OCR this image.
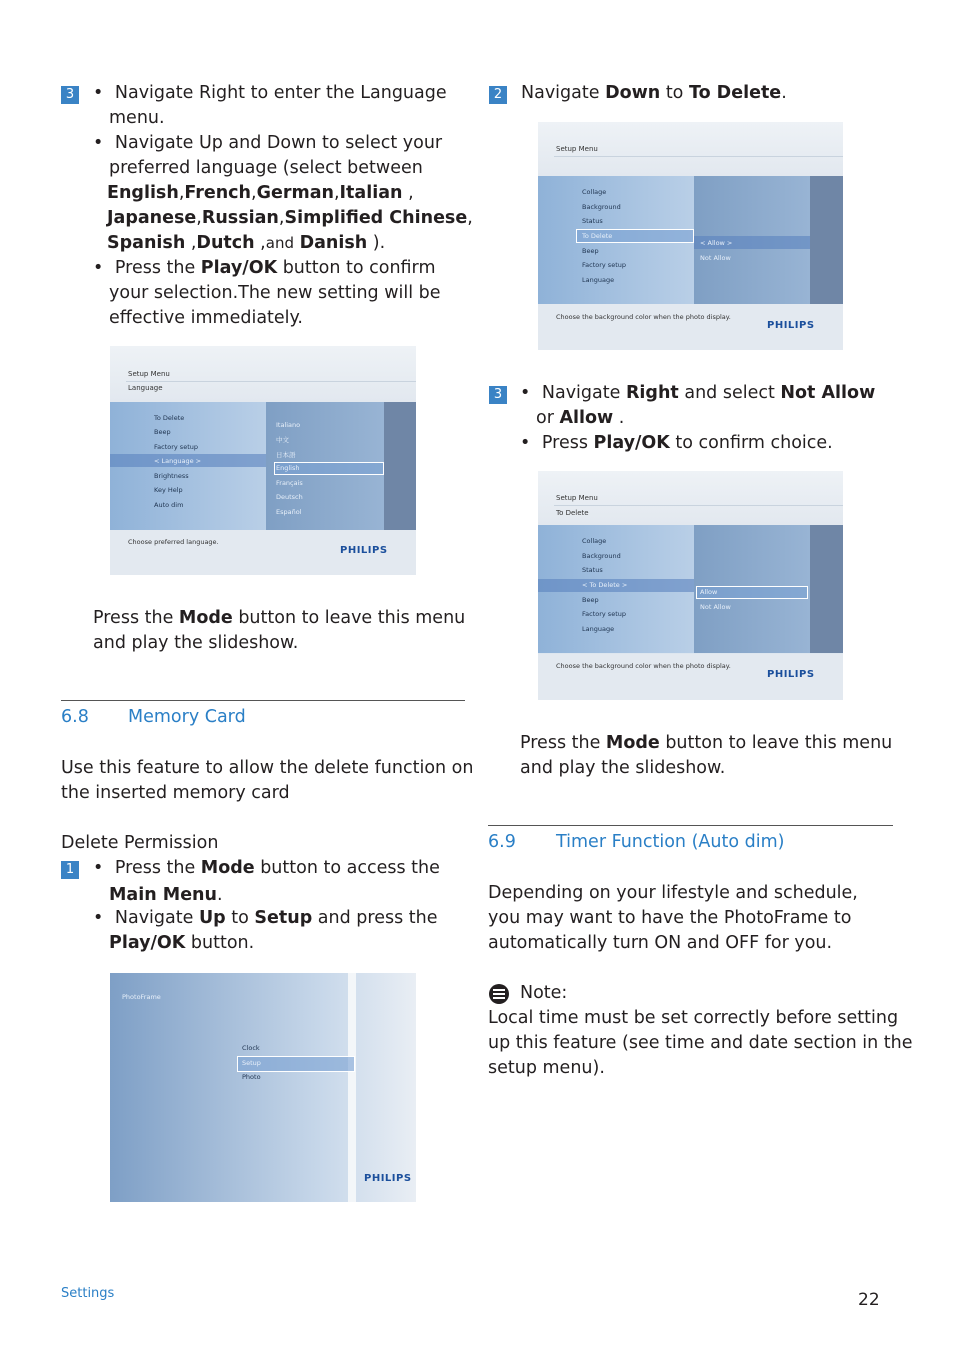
3 • Navigate Right to enter the Language
menu.
• Navigate Up and Down to select your
preferred language (select between
English,French,German,Italian ,
Japanese,Russian,Simplified Chinese,
Spanish ,Dutch ,and Danish ).
• Press the Play/OK button to confirm
your selection.The new setting will be
effective immediately.
Setup Menu
Language
To Delete
Beep
Factory setup
< Language >
Brightness
Key Help
Auto dim
Italiano
中文
日本語
English
Français
Deutsch
Español
Choose preferred language.
PHILIPS
Press the Mode button to leave this menu
and play the slideshow.
6.8 Memory Card
Use this feature to allow the delete function on
the inserted memory card
Delete Permission
1 • Press the Mode button to access the
Main Menu.
• Navigate Up to Setup and press the
Play/OK button.
PhotoFrame
Clock
Setup
Photo
PHILIPS
2 Navigate Down to To Delete.
Setup Menu
Collage
Background
Status
To Delete
Beep
Factory setup
Language
< Allow >
Not Allow
Choose the background color when the photo display.
PHILIPS
3 • Navigate Right and select Not Allow
or Allow .
• Press Play/OK to confirm choice.
Setup Menu
To Delete
Collage
Background
Status
< To Delete >
Beep
Factory setup
Language
Allow
Not Allow
Choose the background color when the photo display.
PHILIPS
Press the Mode button to leave this menu
and play the slideshow.
6.9 Timer Function (Auto dim)
Depending on your lifestyle and schedule,
you may want to have the PhotoFrame to
automatically turn ON and OFF for you.
Note:
Local time must be set correctly before setting
up this feature (see time and date section in the
setup menu).
Settings	22
